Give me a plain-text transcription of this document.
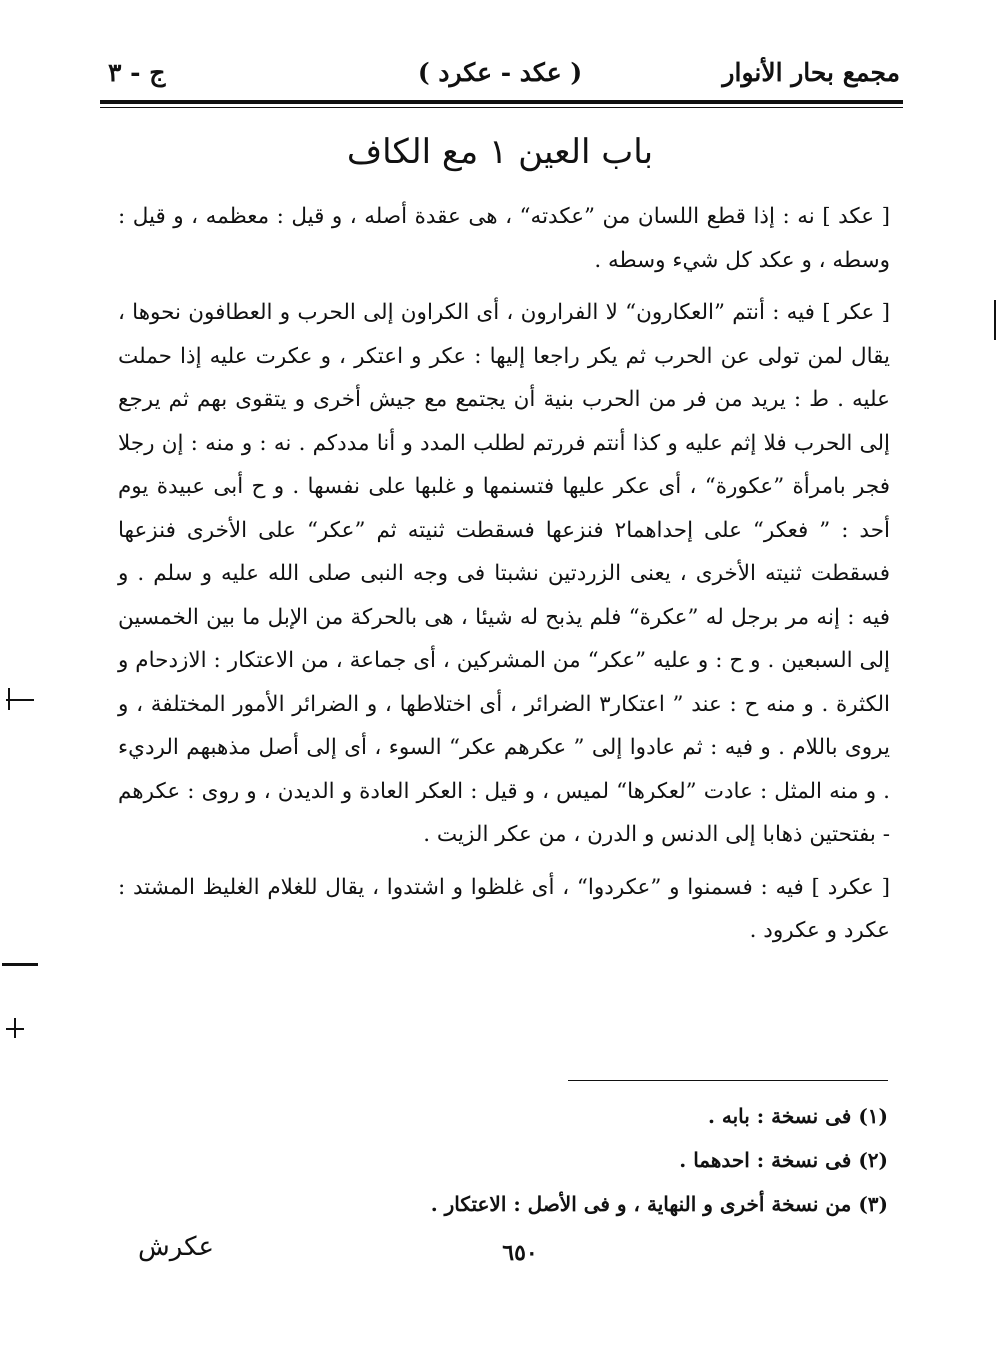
مجمع بحار الأنوار
( عكد - عكرد )
ج - ٣
باب العين ١ مع الكاف

[ عكد ] نه : إذا قطع اللسان من ”عكدته“ ، هى عقدة أصله ، و قيل : معظمه ، و قيل : وسطه ، و عكد كل شيء وسطه .

[ عكر ] فيه : أنتم ”العكارون“ لا الفرارون ، أى الكراون إلى الحرب و العطافون نحوها ، يقال لمن تولى عن الحرب ثم يكر راجعا إليها : عكر و اعتكر ، و عكرت عليه إذا حملت عليه . ط : يريد من فر من الحرب بنية أن يجتمع مع جيش أخرى و يتقوى بهم ثم يرجع إلى الحرب فلا إثم عليه و كذا أنتم فررتم لطلب المدد و أنا مددكم . نه : و منه : إن رجلا فجر بامرأة ”عكورة“ ، أى عكر عليها فتسنمها و غلبها على نفسها . و ح أبى عبيدة يوم أحد : ” فعكر“ على إحداهما٢ فنزعها فسقطت ثنيته ثم ”عكر“ على الأخرى فنزعها فسقطت ثنيته الأخرى ، يعنى الزردتين نشبتا فى وجه النبى صلى الله عليه و سلم . و فيه : إنه مر برجل له ”عكرة“ فلم يذبح له شيئا ، هى بالحركة من الإبل ما بين الخمسين إلى السبعين . و ح : و عليه ”عكر“ من المشركين ، أى جماعة ، من الاعتكار : الازدحام و الكثرة . و منه ح : عند ” اعتكار٣ الضرائر ، أى اختلاطها ، و الضرائر الأمور المختلفة ، و يروى باللام . و فيه : ثم عادوا إلى ” عكرهم عكر“ السوء ، أى إلى أصل مذهبهم الرديء . و منه المثل : عادت ”لعكرها“ لميس ، و قيل : العكر العادة و الديدن ، و روى : عكرهم - بفتحتين ذهابا إلى الدنس و الدرن ، من عكر الزيت .

[ عكرد ] فيه : فسمنوا و ”عكردوا“ ، أى غلظوا و اشتدوا ، يقال للغلام الغليظ المشتد : عكرد و عكرود .

(١) فى نسخة : بابه .
(٢) فى نسخة : احدهما .
(٣) من نسخة أخرى و النهاية ، و فى الأصل : الاعتكار .
عكرش	٦٥٠
